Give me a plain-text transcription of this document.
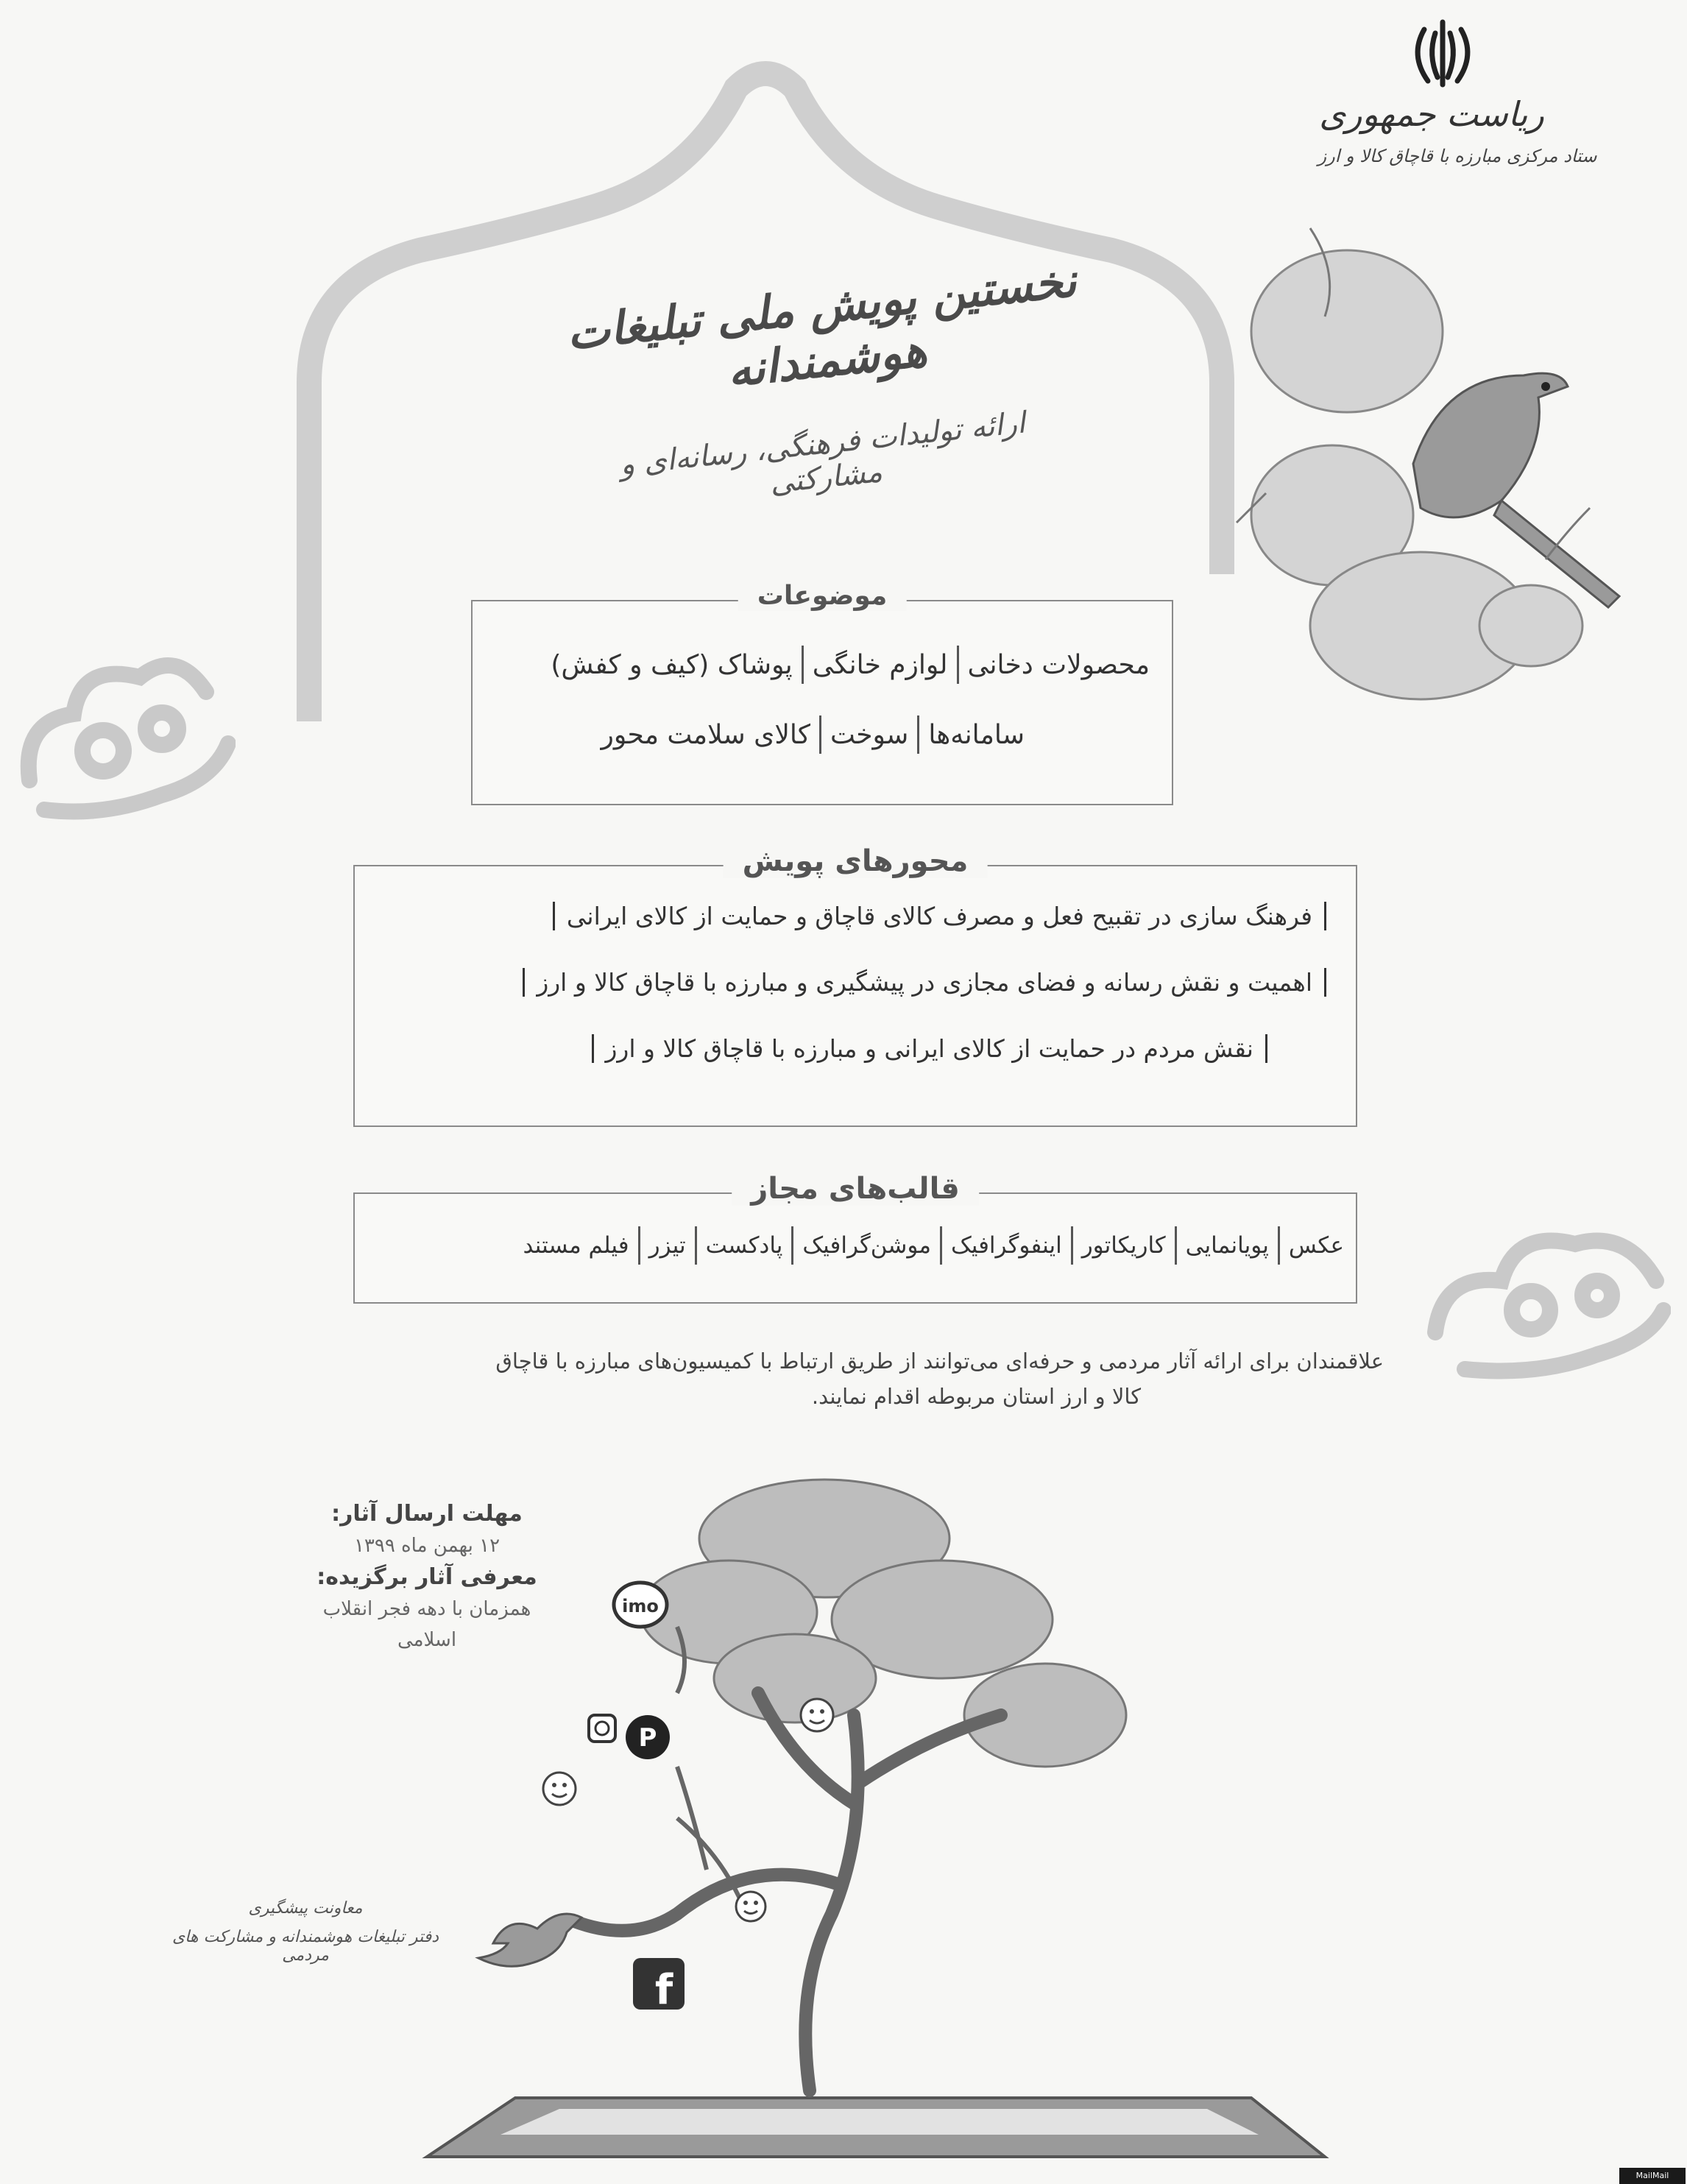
ریاست جمهوری
ستاد مرکزی مبارزه با قاچاق کالا و ارز
نخستین پویش ملی تبلیغات هوشمندانه
ارائه تولیدات فرهنگی، رسانه‌ای و مشارکتی
موضوعات
پوشاک (کیف و کفش) لوازم خانگی محصولات دخانی
کالای سلامت محور سوخت سامانه‌ها
محورهای پویش
فرهنگ سازی در تقبیح فعل و مصرف کالای قاچاق و حمایت از کالای ایرانی
اهمیت و نقش رسانه و فضای مجازی در پیشگیری و مبارزه با قاچاق کالا و ارز
نقش مردم در حمایت از کالای ایرانی و مبارزه با قاچاق کالا و ارز
قالب‌های مجاز
فیلم مستند تیزر پادکست موشن‌گرافیک اینفوگرافیک کاریکاتور پویانمایی عکس
علاقمندان برای ارائه آثار مردمی و حرفه‌ای می‌توانند از طریق ارتباط با کمیسیون‌های مبارزه با قاچاق
کالا و ارز استان مربوطه اقدام نمایند.
مهلت ارسال آثار:
۱۲ بهمن ماه ۱۳۹۹
معرفی آثار برگزیده:
همزمان با دهه فجر انقلاب
اسلامی
imo
P
f
معاونت پیشگیری
دفتر تبلیغات هوشمندانه و مشارکت های مردمی
MailMail
